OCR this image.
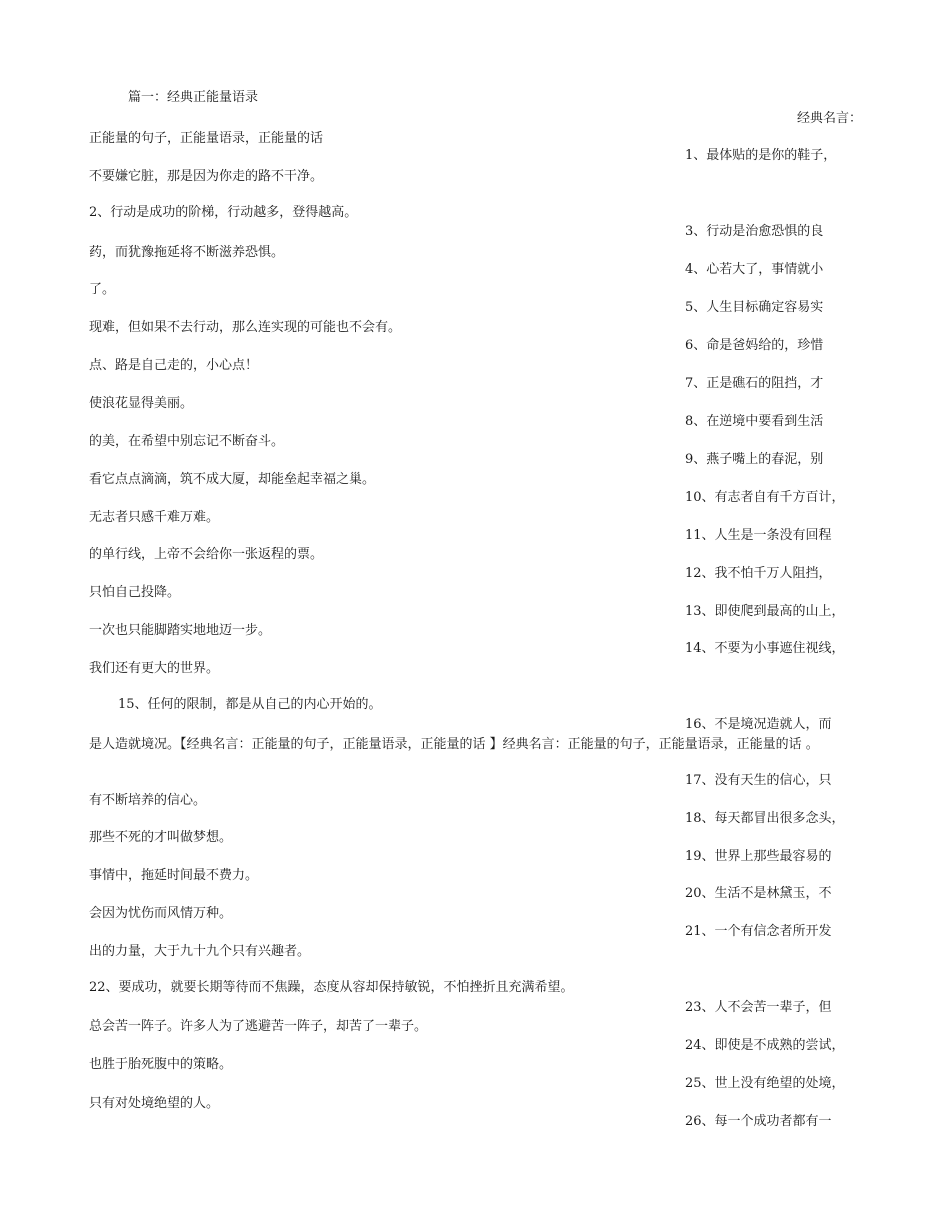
篇一：经典正能量语录

经典名言：

正能量的句子，正能量语录，正能量的话

不要嫌它脏，那是因为你走的路不干净。

2、行动是成功的阶梯，行动越多，登得越高。

药，而犹豫拖延将不断滋养恐惧。

了。

现难，但如果不去行动，那么连实现的可能也不会有。

点、路是自己走的，小心点！

使浪花显得美丽。

的美，在希望中别忘记不断奋斗。

看它点点滴滴，筑不成大厦，却能垒起幸福之巢。

无志者只感千难万难。

的单行线，上帝不会给你一张返程的票。

只怕自己投降。

一次也只能脚踏实地地迈一步。

我们还有更大的世界。

15、任何的限制，都是从自己的内心开始的。

是人造就境况。【经典名言：正能量的句子，正能量语录，正能量的话 】经典名言：正能量的句子，正能量语录，正能量的话 。

有不断培养的信心。

那些不死的才叫做梦想。

事情中，拖延时间最不费力。

会因为忧伤而风情万种。

出的力量，大于九十九个只有兴趣者。

22、要成功，就要长期等待而不焦躁，态度从容却保持敏锐，不怕挫折且充满希望。

总会苦一阵子。许多人为了逃避苦一阵子，却苦了一辈子。

也胜于胎死腹中的策略。

只有对处境绝望的人。

1、最体贴的是你的鞋子，

3、行动是治愈恐惧的良

4、心若大了，事情就小

5、人生目标确定容易实

6、命是爸妈给的，珍惜

7、正是礁石的阻挡，才

8、在逆境中要看到生活

9、燕子嘴上的春泥，别

10、有志者自有千方百计，

11、人生是一条没有回程

12、我不怕千万人阻挡，

13、即使爬到最高的山上，

14、不要为小事遮住视线，

16、不是境况造就人，而

17、没有天生的信心，只

18、每天都冒出很多念头，

19、世界上那些最容易的

20、生活不是林黛玉，不

21、一个有信念者所开发

23、人不会苦一辈子，但

24、即使是不成熟的尝试，

25、世上没有绝望的处境，

26、每一个成功者都有一
